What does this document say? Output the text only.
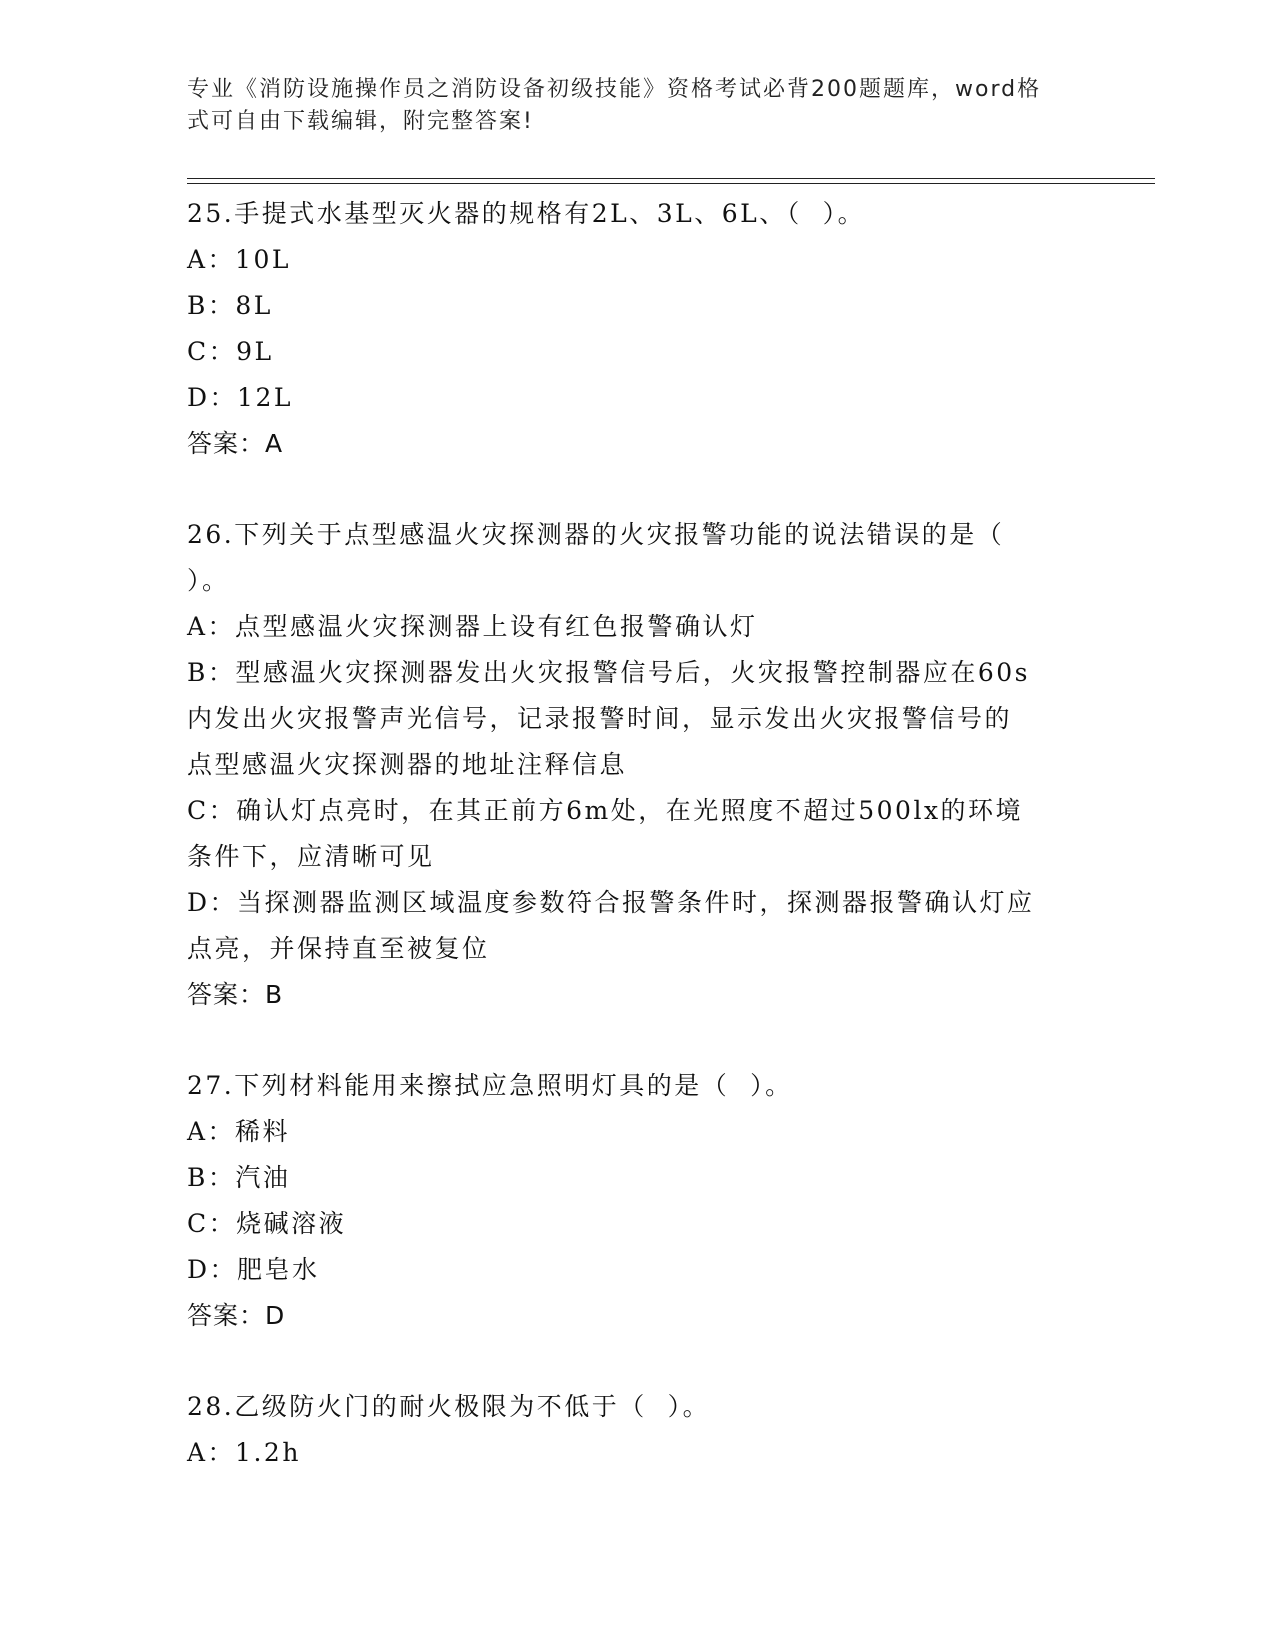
专业《消防设施操作员之消防设备初级技能》资格考试必背200题题库，word格
式可自由下载编辑，附完整答案!
25.手提式水基型灭火器的规格有2L、3L、6L、（  ）。
A：10L
B：8L
C：9L
D：12L
答案：A
26.下列关于点型感温火灾探测器的火灾报警功能的说法错误的是（
）。
A：点型感温火灾探测器上设有红色报警确认灯
B：型感温火灾探测器发出火灾报警信号后，火灾报警控制器应在60s
内发出火灾报警声光信号，记录报警时间，显示发出火灾报警信号的
点型感温火灾探测器的地址注释信息
C：确认灯点亮时，在其正前方6m处，在光照度不超过500lx的环境
条件下，应清晰可见
D：当探测器监测区域温度参数符合报警条件时，探测器报警确认灯应
点亮，并保持直至被复位
答案：B
27.下列材料能用来擦拭应急照明灯具的是（  ）。
A：稀料
B：汽油
C：烧碱溶液
D：肥皂水
答案：D
28.乙级防火门的耐火极限为不低于（  ）。
A：1.2h
